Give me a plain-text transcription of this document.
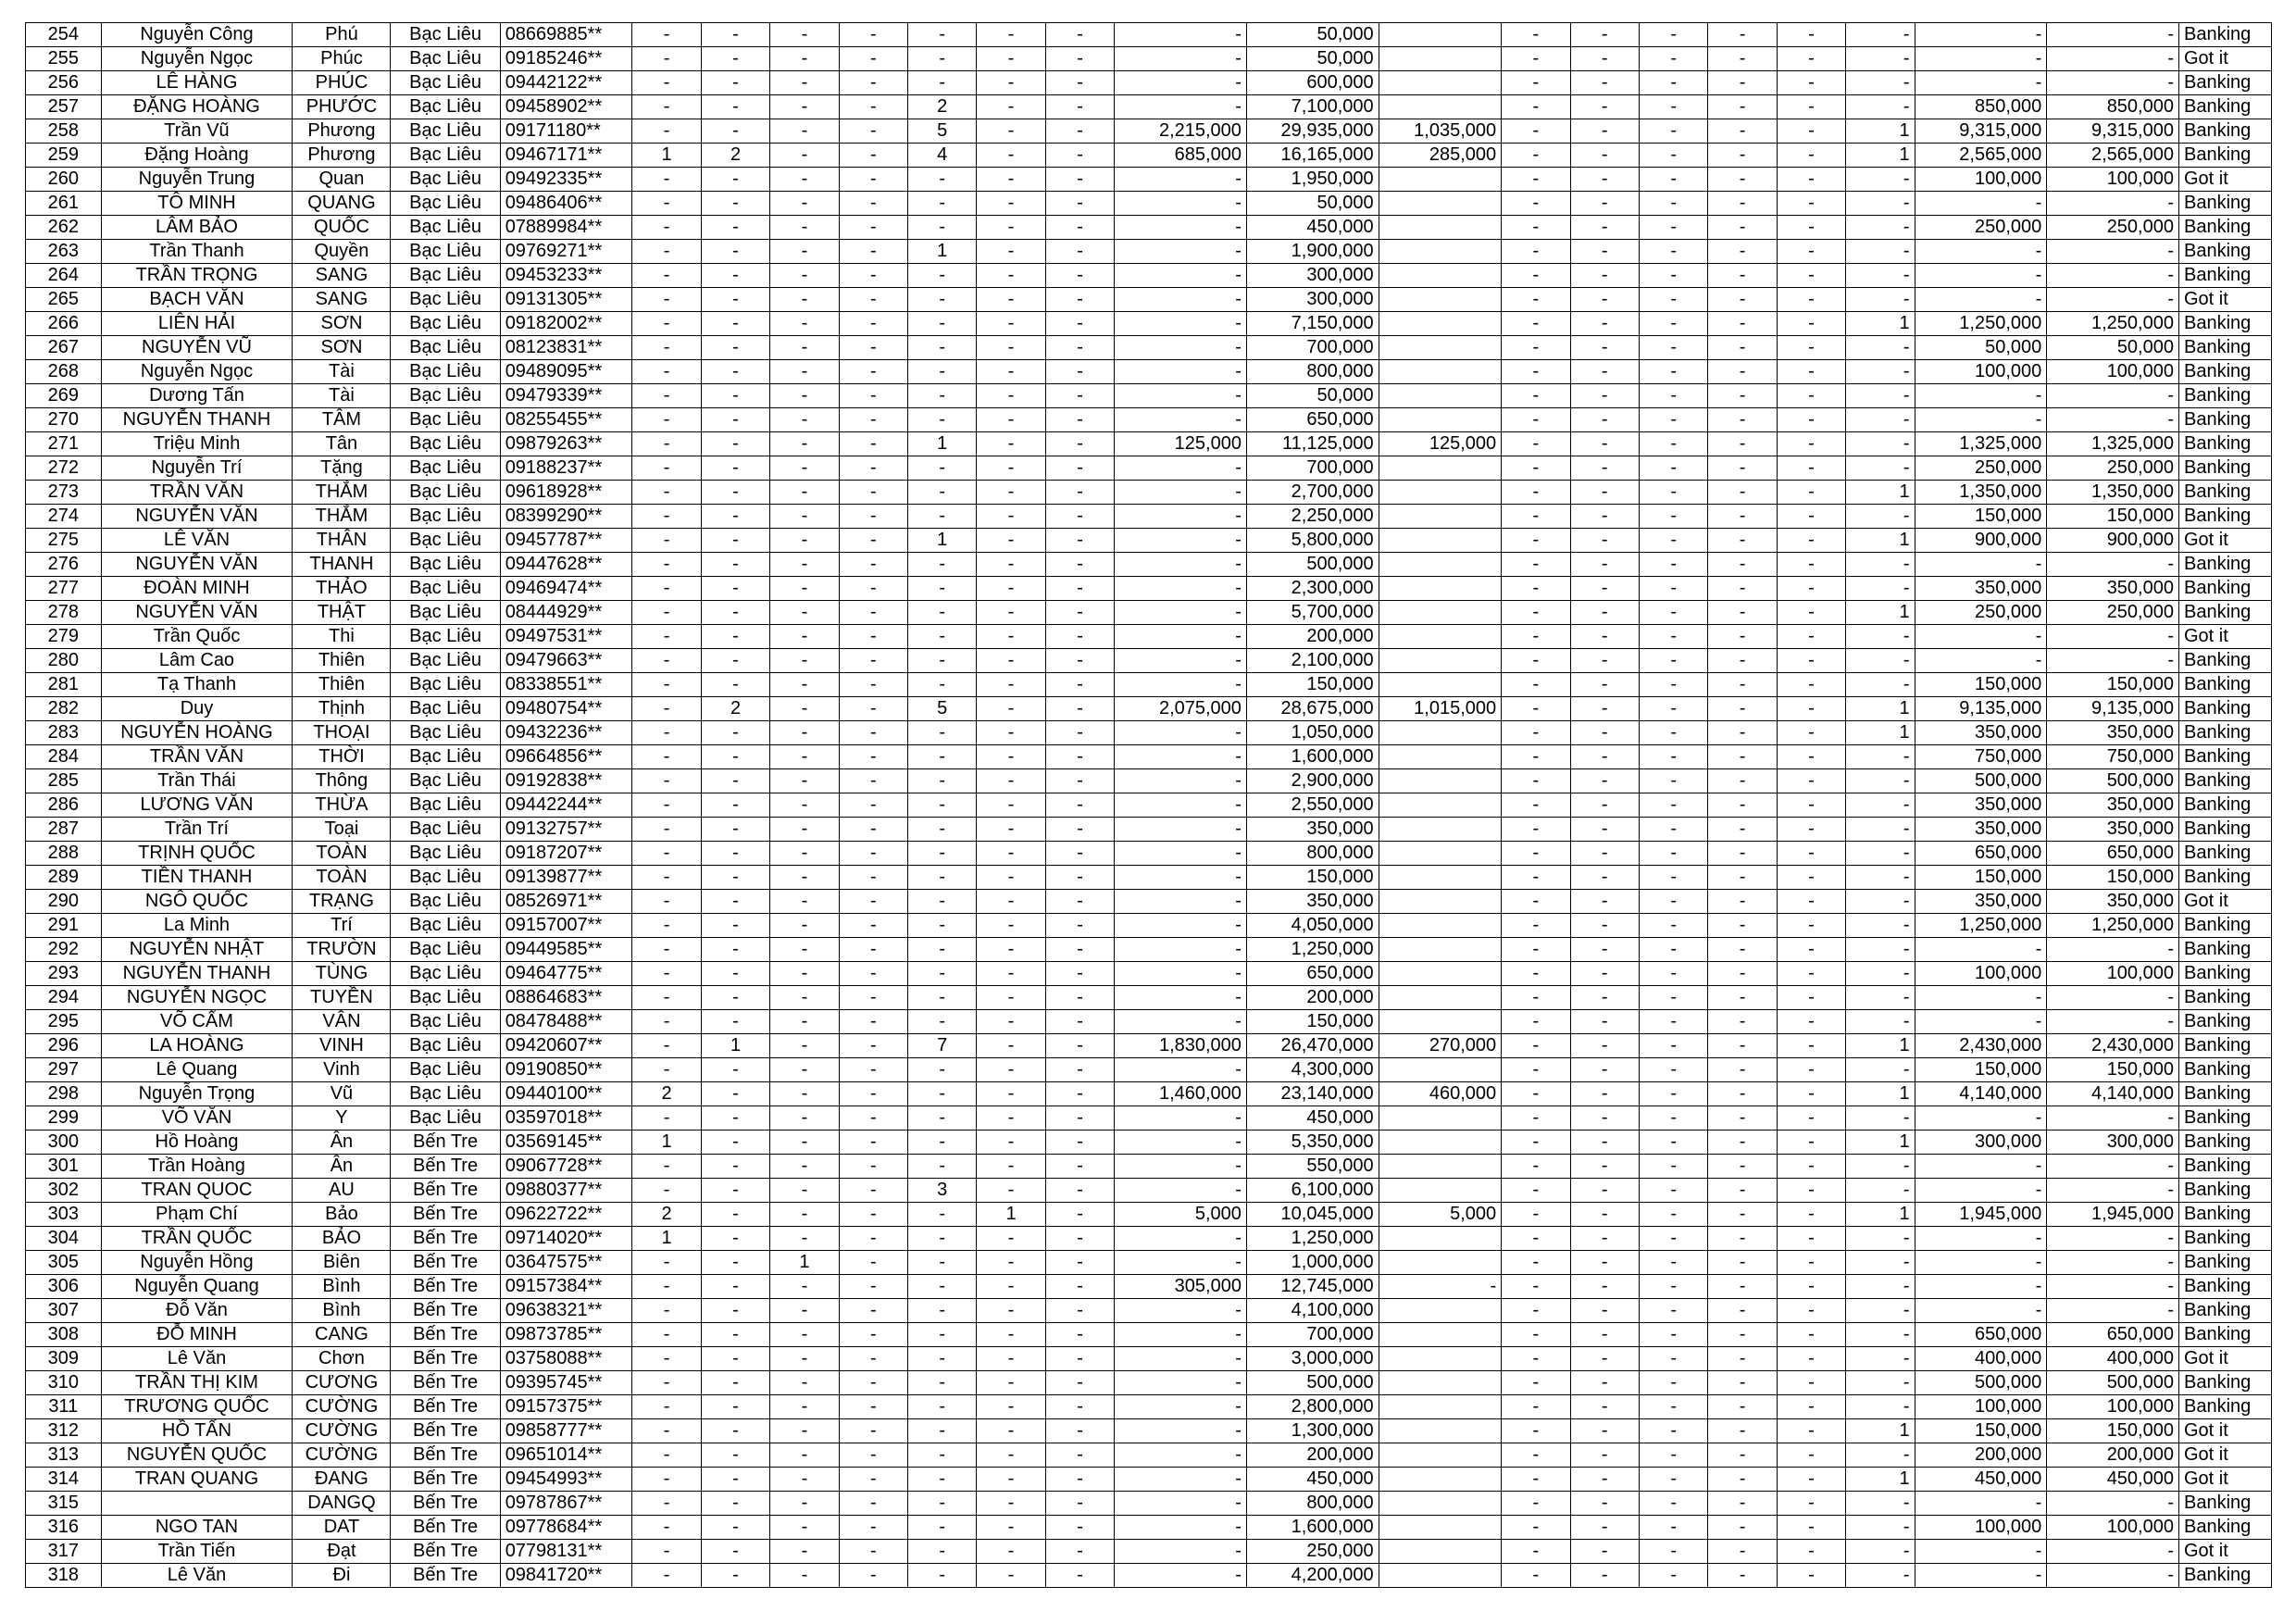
254	Nguyễn Công	Phú	Bạc Liêu	08669885**	-	-	-	-	-	-	-	-	50,000		-	-	-	-	-	-	-	-	Banking
255	Nguyễn Ngọc	Phúc	Bạc Liêu	09185246**	-	-	-	-	-	-	-	-	50,000		-	-	-	-	-	-	-	-	Got it
256	LÊ HÀNG	PHÚC	Bạc Liêu	09442122**	-	-	-	-	-	-	-	-	600,000		-	-	-	-	-	-	-	-	Banking
257	ĐẶNG HOÀNG	PHƯỚC	Bạc Liêu	09458902**	-	-	-	-	2	-	-	-	7,100,000		-	-	-	-	-	-	850,000	850,000	Banking
258	Trần Vũ	Phương	Bạc Liêu	09171180**	-	-	-	-	5	-	-	2,215,000	29,935,000	1,035,000	-	-	-	-	-	1	9,315,000	9,315,000	Banking
259	Đặng Hoàng	Phương	Bạc Liêu	09467171**	1	2	-	-	4	-	-	685,000	16,165,000	285,000	-	-	-	-	-	1	2,565,000	2,565,000	Banking
260	Nguyễn Trung	Quan	Bạc Liêu	09492335**	-	-	-	-	-	-	-	-	1,950,000		-	-	-	-	-	-	100,000	100,000	Got it
261	TÔ MINH	QUANG	Bạc Liêu	09486406**	-	-	-	-	-	-	-	-	50,000		-	-	-	-	-	-	-	-	Banking
262	LÂM BẢO	QUỐC	Bạc Liêu	07889984**	-	-	-	-	-	-	-	-	450,000		-	-	-	-	-	-	250,000	250,000	Banking
263	Trần Thanh	Quyền	Bạc Liêu	09769271**	-	-	-	-	1	-	-	-	1,900,000		-	-	-	-	-	-	-	-	Banking
264	TRẦN TRỌNG	SANG	Bạc Liêu	09453233**	-	-	-	-	-	-	-	-	300,000		-	-	-	-	-	-	-	-	Banking
265	BẠCH VĂN	SANG	Bạc Liêu	09131305**	-	-	-	-	-	-	-	-	300,000		-	-	-	-	-	-	-	-	Got it
266	LIÊN HẢI	SƠN	Bạc Liêu	09182002**	-	-	-	-	-	-	-	-	7,150,000		-	-	-	-	-	1	1,250,000	1,250,000	Banking
267	NGUYỄN VŨ	SƠN	Bạc Liêu	08123831**	-	-	-	-	-	-	-	-	700,000		-	-	-	-	-	-	50,000	50,000	Banking
268	Nguyễn Ngọc	Tài	Bạc Liêu	09489095**	-	-	-	-	-	-	-	-	800,000		-	-	-	-	-	-	100,000	100,000	Banking
269	Dương Tấn	Tài	Bạc Liêu	09479339**	-	-	-	-	-	-	-	-	50,000		-	-	-	-	-	-	-	-	Banking
270	NGUYỄN THANH	TÂM	Bạc Liêu	08255455**	-	-	-	-	-	-	-	-	650,000		-	-	-	-	-	-	-	-	Banking
271	Triệu Minh	Tân	Bạc Liêu	09879263**	-	-	-	-	1	-	-	125,000	11,125,000	125,000	-	-	-	-	-	-	1,325,000	1,325,000	Banking
272	Nguyễn Trí	Tặng	Bạc Liêu	09188237**	-	-	-	-	-	-	-	-	700,000		-	-	-	-	-	-	250,000	250,000	Banking
273	TRẦN VĂN	THẮM	Bạc Liêu	09618928**	-	-	-	-	-	-	-	-	2,700,000		-	-	-	-	-	1	1,350,000	1,350,000	Banking
274	NGUYỄN VĂN	THẮM	Bạc Liêu	08399290**	-	-	-	-	-	-	-	-	2,250,000		-	-	-	-	-	-	150,000	150,000	Banking
275	LÊ VĂN	THÂN	Bạc Liêu	09457787**	-	-	-	-	1	-	-	-	5,800,000		-	-	-	-	-	1	900,000	900,000	Got it
276	NGUYỄN VĂN	THANH	Bạc Liêu	09447628**	-	-	-	-	-	-	-	-	500,000		-	-	-	-	-	-	-	-	Banking
277	ĐOÀN MINH	THẢO	Bạc Liêu	09469474**	-	-	-	-	-	-	-	-	2,300,000		-	-	-	-	-	-	350,000	350,000	Banking
278	NGUYỄN VĂN	THẬT	Bạc Liêu	08444929**	-	-	-	-	-	-	-	-	5,700,000		-	-	-	-	-	1	250,000	250,000	Banking
279	Trần Quốc	Thi	Bạc Liêu	09497531**	-	-	-	-	-	-	-	-	200,000		-	-	-	-	-	-	-	-	Got it
280	Lâm Cao	Thiên	Bạc Liêu	09479663**	-	-	-	-	-	-	-	-	2,100,000		-	-	-	-	-	-	-	-	Banking
281	Tạ Thanh	Thiên	Bạc Liêu	08338551**	-	-	-	-	-	-	-	-	150,000		-	-	-	-	-	-	150,000	150,000	Banking
282	Duy	Thịnh	Bạc Liêu	09480754**	-	2	-	-	5	-	-	2,075,000	28,675,000	1,015,000	-	-	-	-	-	1	9,135,000	9,135,000	Banking
283	NGUYỄN HOÀNG	THOẠI	Bạc Liêu	09432236**	-	-	-	-	-	-	-	-	1,050,000		-	-	-	-	-	1	350,000	350,000	Banking
284	TRẦN VĂN	THỜI	Bạc Liêu	09664856**	-	-	-	-	-	-	-	-	1,600,000		-	-	-	-	-	-	750,000	750,000	Banking
285	Trần Thái	Thông	Bạc Liêu	09192838**	-	-	-	-	-	-	-	-	2,900,000		-	-	-	-	-	-	500,000	500,000	Banking
286	LƯƠNG VĂN	THỪA	Bạc Liêu	09442244**	-	-	-	-	-	-	-	-	2,550,000		-	-	-	-	-	-	350,000	350,000	Banking
287	Trần Trí	Toại	Bạc Liêu	09132757**	-	-	-	-	-	-	-	-	350,000		-	-	-	-	-	-	350,000	350,000	Banking
288	TRỊNH QUỐC	TOÀN	Bạc Liêu	09187207**	-	-	-	-	-	-	-	-	800,000		-	-	-	-	-	-	650,000	650,000	Banking
289	TIỀN THANH	TOÀN	Bạc Liêu	09139877**	-	-	-	-	-	-	-	-	150,000		-	-	-	-	-	-	150,000	150,000	Banking
290	NGÔ QUỐC	TRẠNG	Bạc Liêu	08526971**	-	-	-	-	-	-	-	-	350,000		-	-	-	-	-	-	350,000	350,000	Got it
291	La Minh	Trí	Bạc Liêu	09157007**	-	-	-	-	-	-	-	-	4,050,000		-	-	-	-	-	-	1,250,000	1,250,000	Banking
292	NGUYỄN NHẬT	TRƯỜN	Bạc Liêu	09449585**	-	-	-	-	-	-	-	-	1,250,000		-	-	-	-	-	-	-	-	Banking
293	NGUYỄN THANH	TÙNG	Bạc Liêu	09464775**	-	-	-	-	-	-	-	-	650,000		-	-	-	-	-	-	100,000	100,000	Banking
294	NGUYỄN NGỌC	TUYỀN	Bạc Liêu	08864683**	-	-	-	-	-	-	-	-	200,000		-	-	-	-	-	-	-	-	Banking
295	VÕ CẨM	VÂN	Bạc Liêu	08478488**	-	-	-	-	-	-	-	-	150,000		-	-	-	-	-	-	-	-	Banking
296	LA HOÀNG	VINH	Bạc Liêu	09420607**	-	1	-	-	7	-	-	1,830,000	26,470,000	270,000	-	-	-	-	-	1	2,430,000	2,430,000	Banking
297	Lê Quang	Vinh	Bạc Liêu	09190850**	-	-	-	-	-	-	-	-	4,300,000		-	-	-	-	-	-	150,000	150,000	Banking
298	Nguyễn Trọng	Vũ	Bạc Liêu	09440100**	2	-	-	-	-	-	-	1,460,000	23,140,000	460,000	-	-	-	-	-	1	4,140,000	4,140,000	Banking
299	VÕ VĂN	Y	Bạc Liêu	03597018**	-	-	-	-	-	-	-	-	450,000		-	-	-	-	-	-	-	-	Banking
300	Hồ Hoàng	Ân	Bến Tre	03569145**	1	-	-	-	-	-	-	-	5,350,000		-	-	-	-	-	1	300,000	300,000	Banking
301	Trần Hoàng	Ân	Bến Tre	09067728**	-	-	-	-	-	-	-	-	550,000		-	-	-	-	-	-	-	-	Banking
302	TRAN QUOC	AU	Bến Tre	09880377**	-	-	-	-	3	-	-	-	6,100,000		-	-	-	-	-	-	-	-	Banking
303	Phạm Chí	Bảo	Bến Tre	09622722**	2	-	-	-	-	1	-	5,000	10,045,000	5,000	-	-	-	-	-	1	1,945,000	1,945,000	Banking
304	TRẦN QUỐC	BẢO	Bến Tre	09714020**	1	-	-	-	-	-	-	-	1,250,000		-	-	-	-	-	-	-	-	Banking
305	Nguyễn Hồng	Biên	Bến Tre	03647575**	-	-	1	-	-	-	-	-	1,000,000		-	-	-	-	-	-	-	-	Banking
306	Nguyễn Quang	Bình	Bến Tre	09157384**	-	-	-	-	-	-	-	305,000	12,745,000	-	-	-	-	-	-	-	-	-	Banking
307	Đỗ Văn	Bình	Bến Tre	09638321**	-	-	-	-	-	-	-	-	4,100,000		-	-	-	-	-	-	-	-	Banking
308	ĐỖ MINH	CANG	Bến Tre	09873785**	-	-	-	-	-	-	-	-	700,000		-	-	-	-	-	-	650,000	650,000	Banking
309	Lê Văn	Chơn	Bến Tre	03758088**	-	-	-	-	-	-	-	-	3,000,000		-	-	-	-	-	-	400,000	400,000	Got it
310	TRẦN THỊ KIM	CƯƠNG	Bến Tre	09395745**	-	-	-	-	-	-	-	-	500,000		-	-	-	-	-	-	500,000	500,000	Banking
311	TRƯƠNG QUỐC	CƯỜNG	Bến Tre	09157375**	-	-	-	-	-	-	-	-	2,800,000		-	-	-	-	-	-	100,000	100,000	Banking
312	HỒ TẤN	CƯỜNG	Bến Tre	09858777**	-	-	-	-	-	-	-	-	1,300,000		-	-	-	-	-	1	150,000	150,000	Got it
313	NGUYỄN QUỐC	CƯỜNG	Bến Tre	09651014**	-	-	-	-	-	-	-	-	200,000		-	-	-	-	-	-	200,000	200,000	Got it
314	TRAN QUANG	ĐANG	Bến Tre	09454993**	-	-	-	-	-	-	-	-	450,000		-	-	-	-	-	1	450,000	450,000	Got it
315		DANGQ	Bến Tre	09787867**	-	-	-	-	-	-	-	-	800,000		-	-	-	-	-	-	-	-	Banking
316	NGO TAN	DAT	Bến Tre	09778684**	-	-	-	-	-	-	-	-	1,600,000		-	-	-	-	-	-	100,000	100,000	Banking
317	Trần Tiến	Đạt	Bến Tre	07798131**	-	-	-	-	-	-	-	-	250,000		-	-	-	-	-	-	-	-	Got it
318	Lê Văn	Đi	Bến Tre	09841720**	-	-	-	-	-	-	-	-	4,200,000		-	-	-	-	-	-	-	-	Banking
